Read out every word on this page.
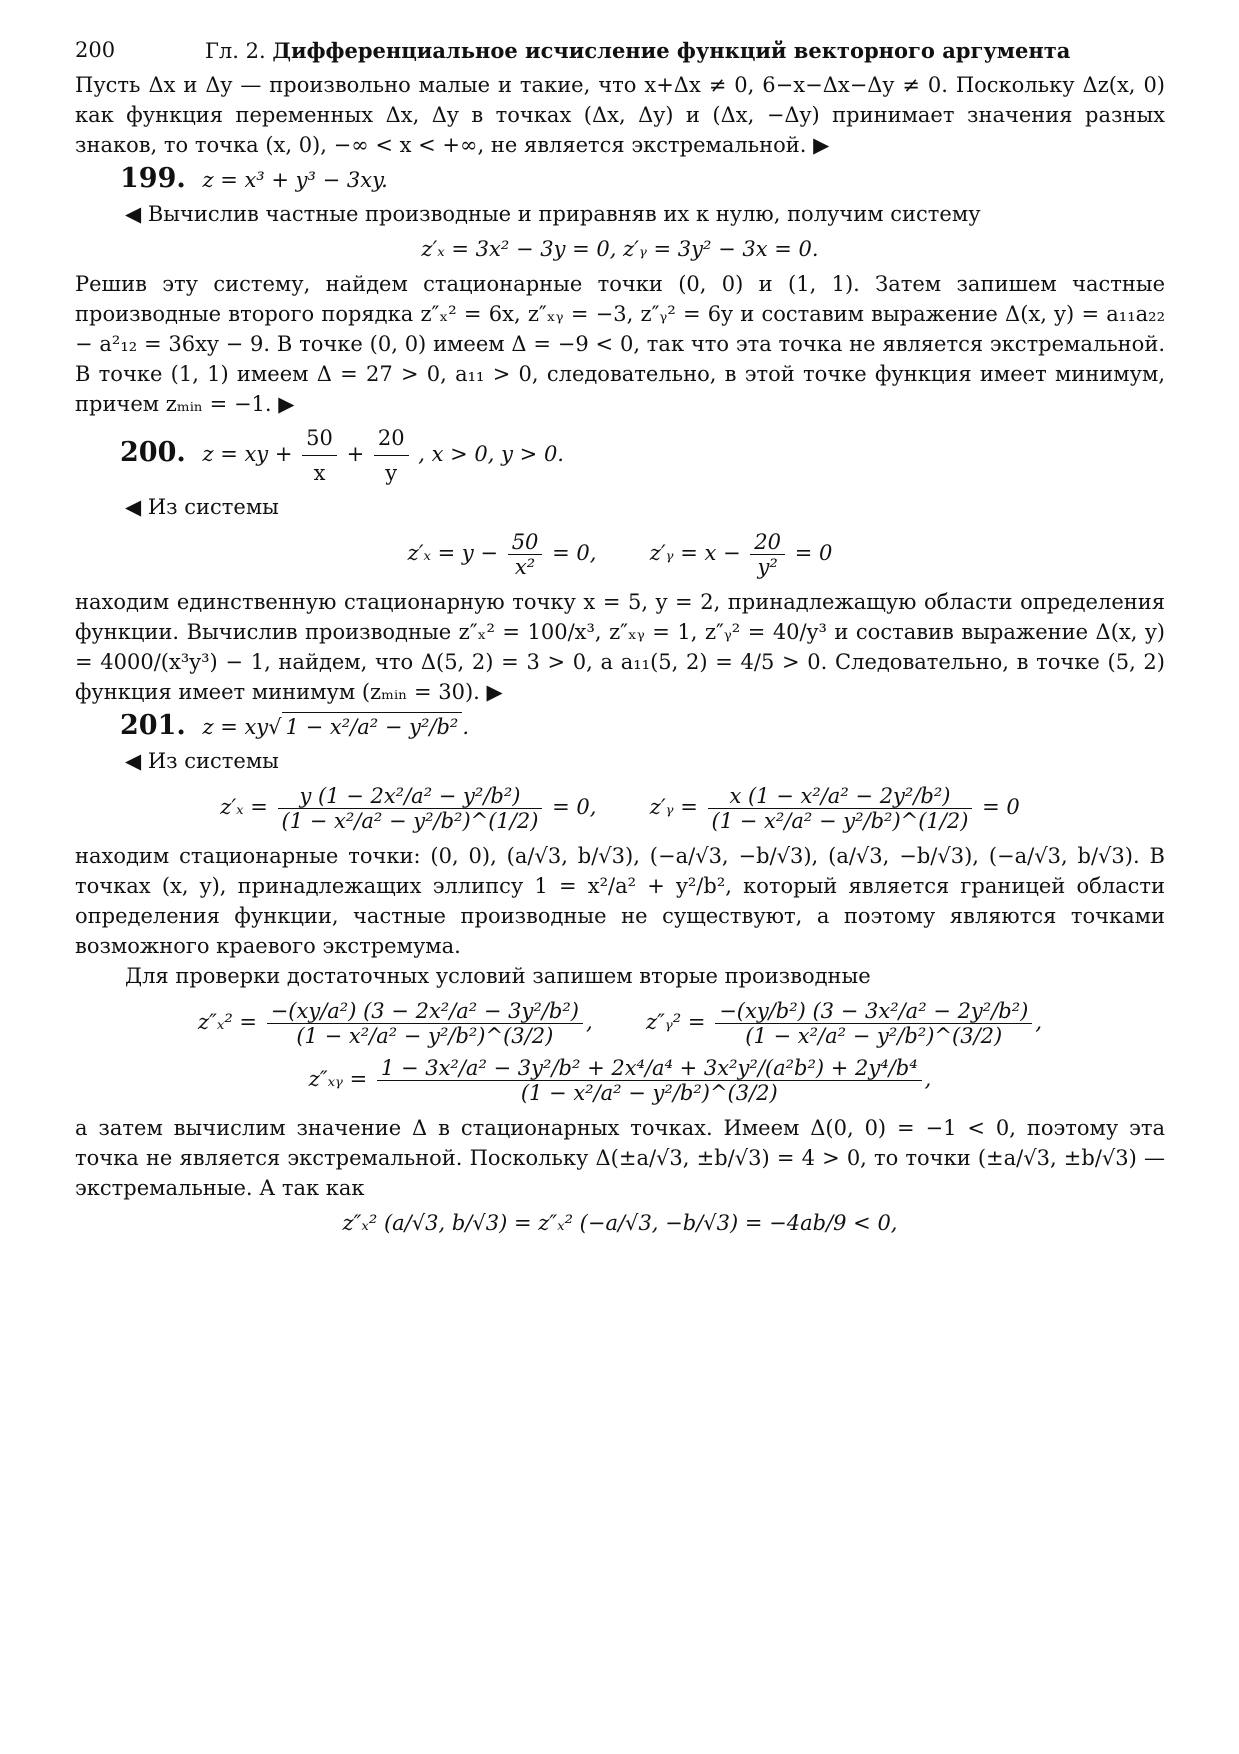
200	Гл. 2. Дифференциальное исчисление функций векторного аргумента

Пусть Δx и Δy — произвольно малые и такие, что x+Δx ≠ 0, 6−x−Δx−Δy ≠ 0. Поскольку Δz(x, 0) как функция переменных Δx, Δy в точках (Δx, Δy) и (Δx, −Δy) принимает значения разных знаков, то точка (x, 0), −∞ < x < +∞, не является экстремальной. ▶

199. z = x³ + y³ − 3xy.

◀ Вычислив частные производные и приравняв их к нулю, получим систему

z′ₓ = 3x² − 3y = 0, z′ᵧ = 3y² − 3x = 0.

Решив эту систему, найдем стационарные точки (0, 0) и (1, 1). Затем запишем частные производные второго порядка z″ₓ² = 6x, z″ₓᵧ = −3, z″ᵧ² = 6y и составим выражение Δ(x, y) = a₁₁a₂₂ − a²₁₂ = 36xy − 9. В точке (0, 0) имеем Δ = −9 < 0, так что эта точка не является экстремальной. В точке (1, 1) имеем Δ = 27 > 0, a₁₁ > 0, следовательно, в этой точке функция имеет минимум, причем zₘᵢₙ = −1. ▶

200. z = xy + $\frac{50}{x} + \frac{20}{y}$ , x > 0, y > 0.

◀ Из системы

$z'_x = y - \frac{50}{\text{x²}} = 0$,	z′ᵧ = $x - \frac{20}{\text{y²}} = 0$

находим единственную стационарную точку x = 5, y = 2, принадлежащую области определения функции. Вычислив производные z″ₓ² = 100/x³, z″ₓᵧ = 1, z″ᵧ² = 40/y³ и составив выражение Δ(x, y) = 4000/(x³y³) − 1, найдем, что Δ(5, 2) = 3 > 0, а a₁₁(5, 2) = 4/5 > 0. Следовательно, в точке (5, 2) функция имеет минимум (zₘᵢₙ = 30). ▶

201. z = xy√ 1 − x²/a² − y²/b² .

◀ Из системы

$z'_x = \frac{\text{y (1 − 2x²/a² − y²/b²)}}{\text{(1 − x²/a² − y²/b²)\textasciicircum{}(1/2)}} = 0$,	z′ᵧ = $\frac{\text{x (1 − x²/a² − 2y²/b²)}}{\text{(1 − x²/a² − y²/b²)\textasciicircum{}(1/2)}} = 0$

находим стационарные точки: (0, 0), (a/√3, b/√3), (−a/√3, −b/√3), (a/√3, −b/√3), (−a/√3, b/√3). В точках (x, y), принадлежащих эллипсу 1 = x²/a² + y²/b², который является границей области определения функции, частные производные не существуют, а поэтому являются точками возможного краевого экстремума.

Для проверки достаточных условий запишем вторые производные

$z''_x^2 = \frac{\text{−(xy/a²) (3 − 2x²/a² − 3y²/b²)}}{\text{(1 − x²/a² − y²/b²)\textasciicircum{}(3/2)}}$ ,  z″ᵧ² = $\frac{\text{−(xy/b²) (3 − 3x²/a² − 2y²/b²)}}{\text{(1 − x²/a² − y²/b²)\textasciicircum{}(3/2)}}$ ,
z″ₓᵧ = $\frac{\text{1 − 3x²/a² − 3y²/b² + 2x⁴/a⁴ + 3x²y²/(a²b²) + 2y⁴/b⁴}}{\text{(1 − x²/a² − y²/b²)\textasciicircum{}(3/2)}}$ ,

а затем вычислим значение Δ в стационарных точках. Имеем Δ(0, 0) = −1 < 0, поэтому эта точка не является экстремальной. Поскольку Δ(±a/√3, ±b/√3) = 4 > 0, то точки (±a/√3, ±b/√3) — экстремальные. А так как

z″ₓ² (a/√3, b/√3) = z″ₓ² (−a/√3, −b/√3) = −4ab/9 < 0,
